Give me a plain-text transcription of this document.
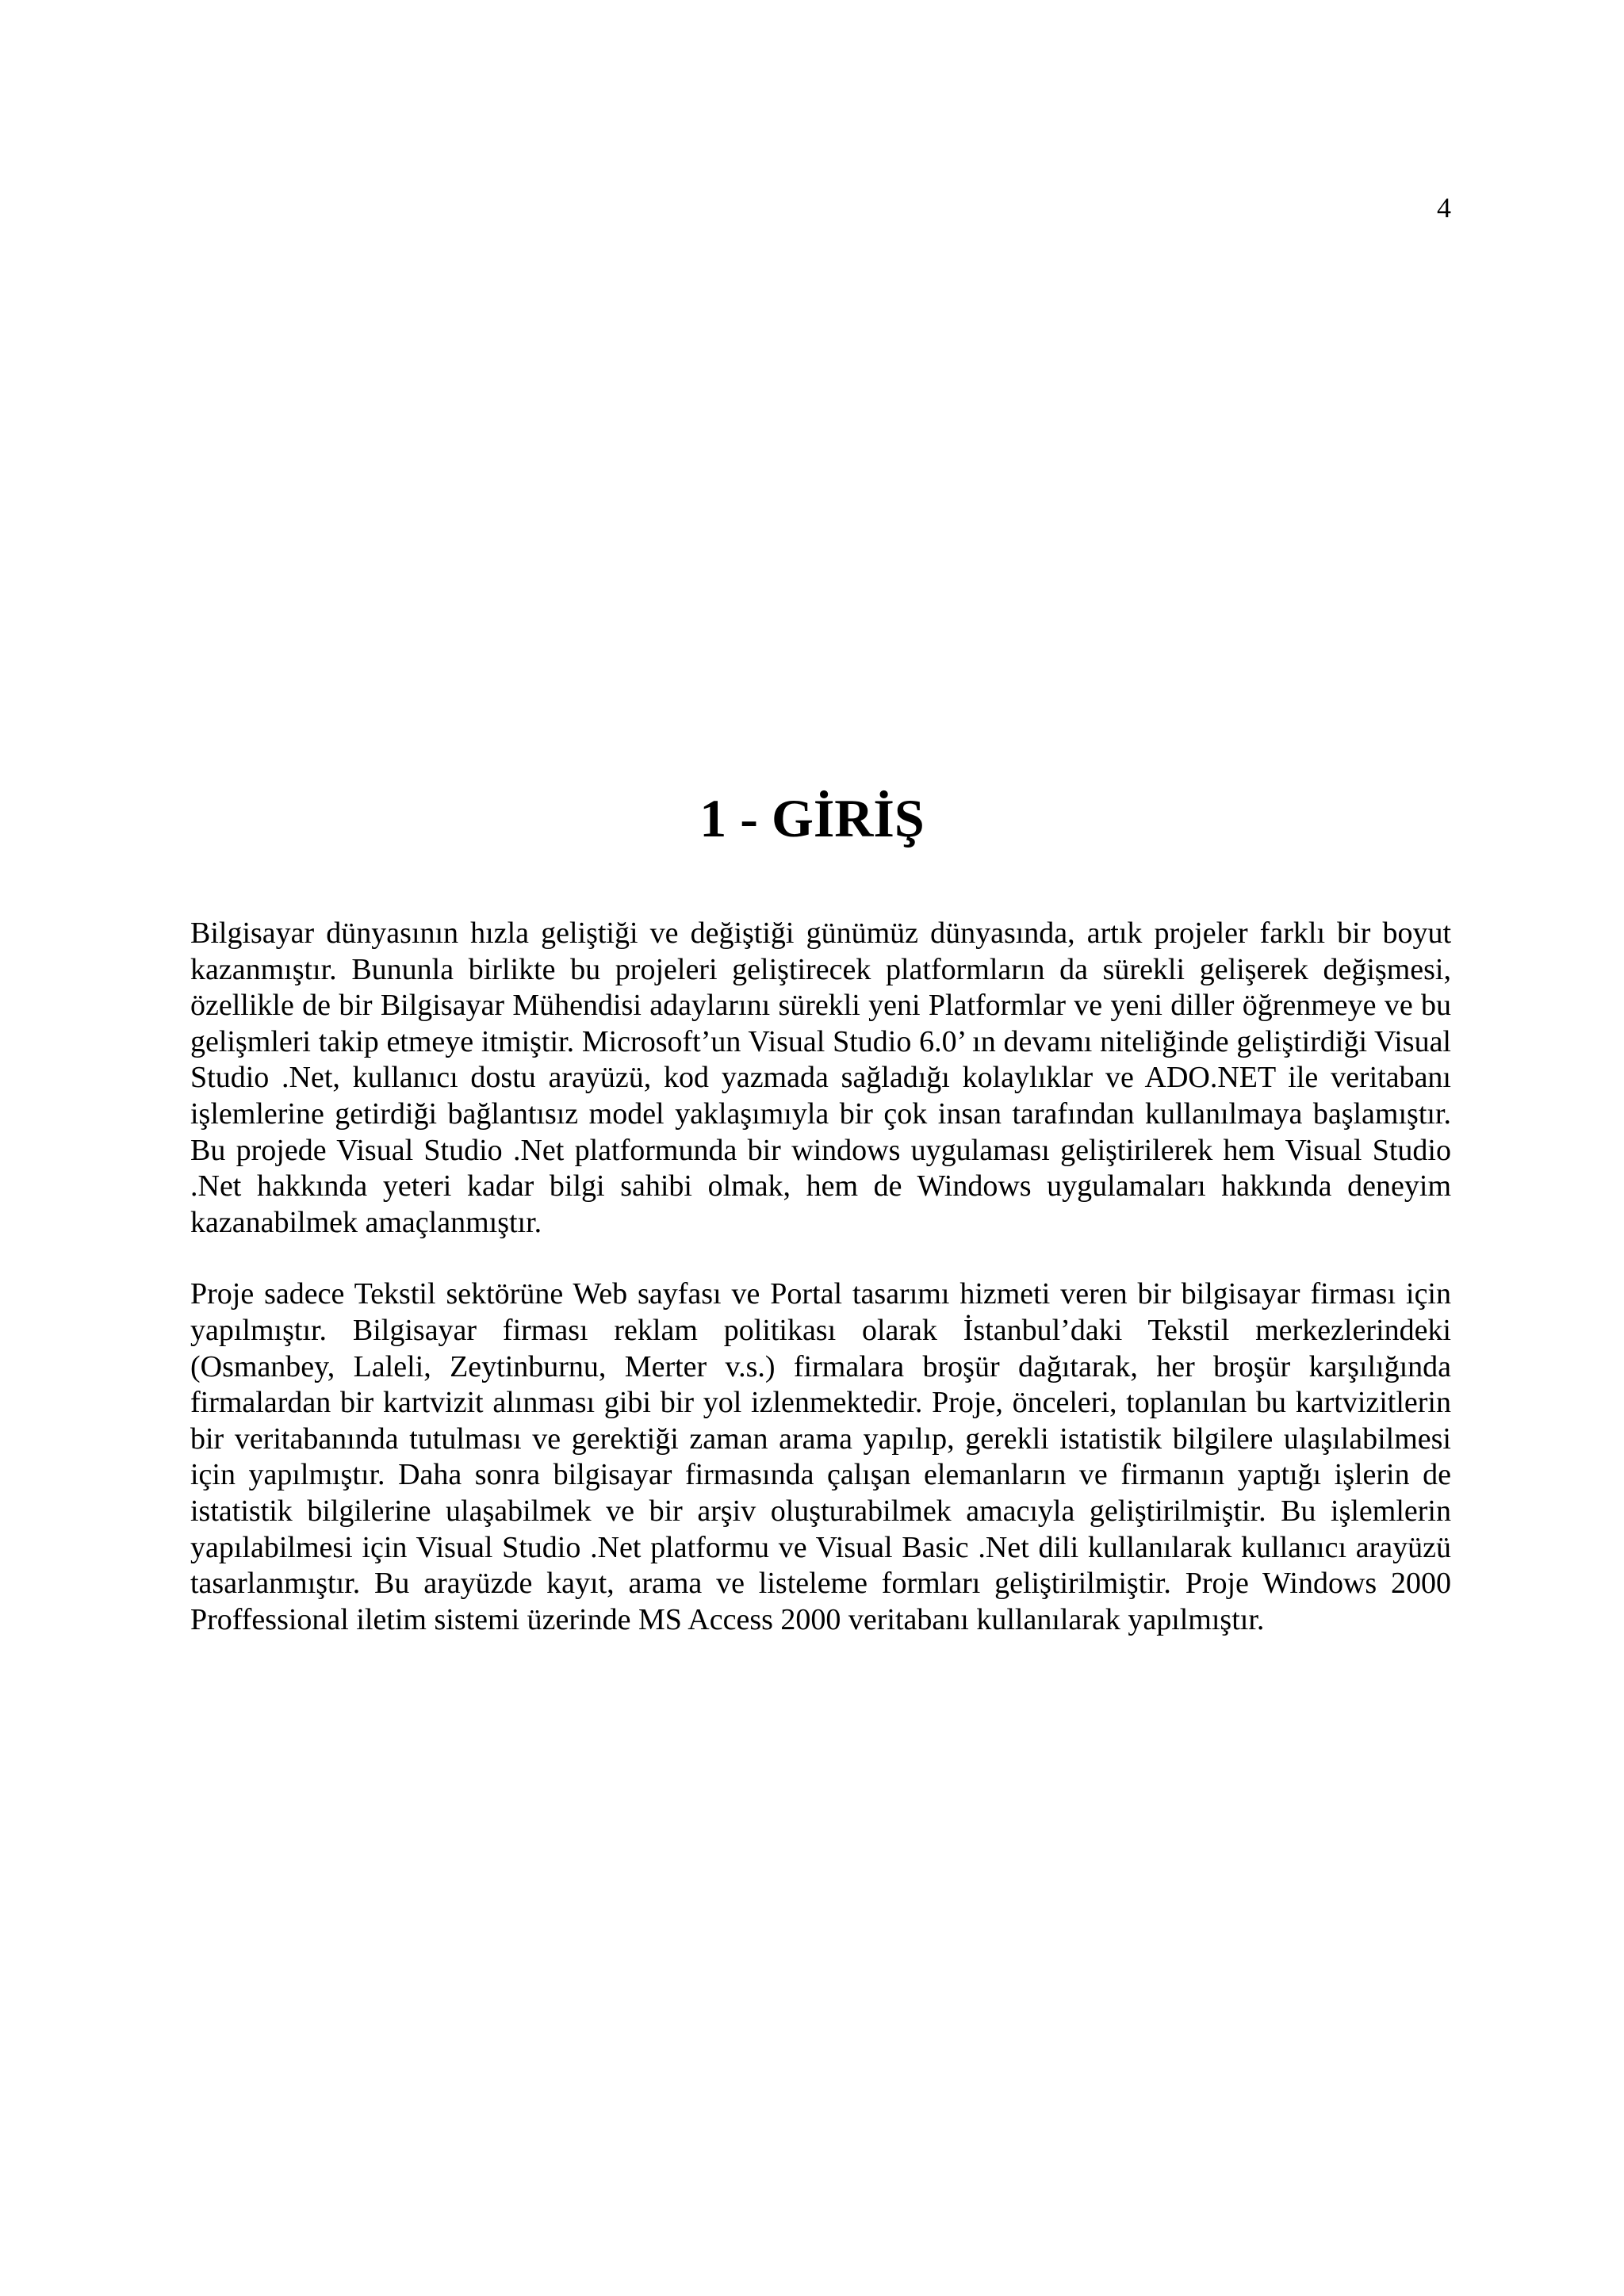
4
1 - GİRİŞ

Bilgisayar dünyasının hızla geliştiği ve değiştiği günümüz dünyasında, artık projeler farklı bir boyut kazanmıştır. Bununla birlikte bu projeleri geliştirecek platformların da sürekli gelişerek değişmesi, özellikle de bir Bilgisayar Mühendisi adaylarını sürekli yeni Platformlar ve yeni diller öğrenmeye ve bu gelişmleri takip etmeye itmiştir. Microsoft’un Visual Studio 6.0’ ın devamı niteliğinde geliştirdiği Visual Studio .Net, kullanıcı dostu arayüzü, kod yazmada sağladığı kolaylıklar ve ADO.NET ile veritabanı işlemlerine getirdiği bağlantısız model yaklaşımıyla bir çok insan tarafından kullanılmaya başlamıştır. Bu projede Visual Studio .Net platformunda bir windows uygulaması geliştirilerek hem Visual Studio .Net hakkında yeteri kadar bilgi sahibi olmak, hem de Windows uygulamaları hakkında deneyim kazanabilmek amaçlanmıştır.

Proje sadece Tekstil sektörüne Web sayfası ve Portal tasarımı hizmeti veren bir bilgisayar firması için yapılmıştır. Bilgisayar firması reklam politikası olarak İstanbul’daki Tekstil merkezlerindeki (Osmanbey, Laleli, Zeytinburnu, Merter v.s.) firmalara broşür dağıtarak, her broşür karşılığında firmalardan bir kartvizit alınması gibi bir yol izlenmektedir. Proje, önceleri, toplanılan bu kartvizitlerin bir veritabanında tutulması ve gerektiği zaman arama yapılıp, gerekli istatistik bilgilere ulaşılabilmesi için yapılmıştır. Daha sonra bilgisayar firmasında çalışan elemanların ve firmanın yaptığı işlerin de istatistik bilgilerine ulaşabilmek ve bir arşiv oluşturabilmek amacıyla geliştirilmiştir. Bu işlemlerin yapılabilmesi için Visual Studio .Net platformu ve Visual Basic .Net dili kullanılarak kullanıcı arayüzü tasarlanmıştır. Bu arayüzde kayıt, arama ve listeleme formları geliştirilmiştir. Proje Windows 2000 Proffessional iletim sistemi üzerinde MS Access 2000 veritabanı kullanılarak yapılmıştır.
